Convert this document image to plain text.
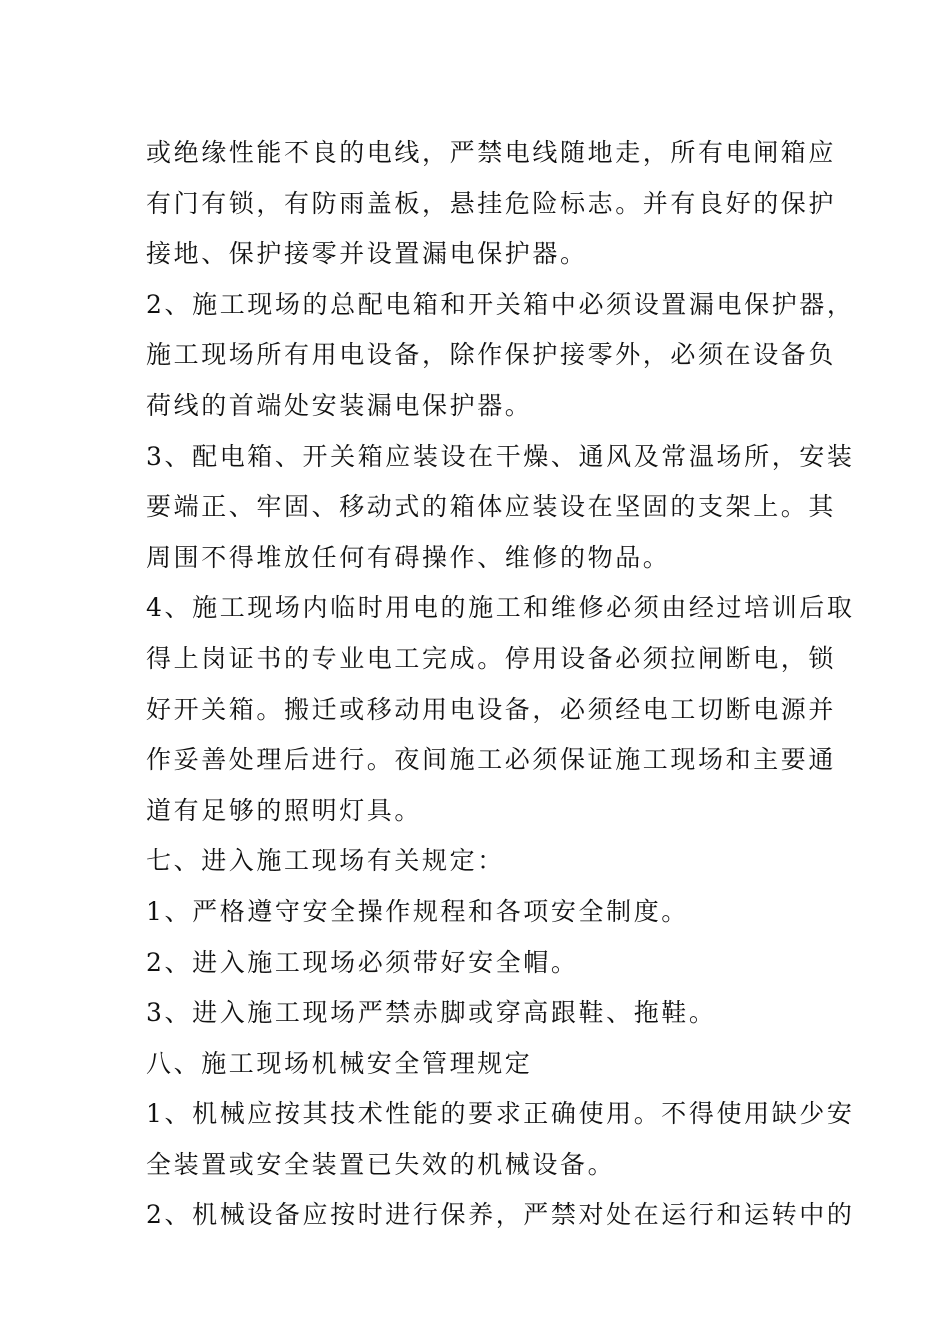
或绝缘性能不良的电线，严禁电线随地走，所有电闸箱应
有门有锁，有防雨盖板，悬挂危险标志。并有良好的保护
接地、保护接零并设置漏电保护器。
2、施工现场的总配电箱和开关箱中必须设置漏电保护器，
施工现场所有用电设备，除作保护接零外，必须在设备负
荷线的首端处安装漏电保护器。
3、配电箱、开关箱应装设在干燥、通风及常温场所，安装
要端正、牢固、移动式的箱体应装设在坚固的支架上。其
周围不得堆放任何有碍操作、维修的物品。
4、施工现场内临时用电的施工和维修必须由经过培训后取
得上岗证书的专业电工完成。停用设备必须拉闸断电，锁
好开关箱。搬迁或移动用电设备，必须经电工切断电源并
作妥善处理后进行。夜间施工必须保证施工现场和主要通
道有足够的照明灯具。
七、进入施工现场有关规定：
1、严格遵守安全操作规程和各项安全制度。
2、进入施工现场必须带好安全帽。
3、进入施工现场严禁赤脚或穿高跟鞋、拖鞋。
八、施工现场机械安全管理规定
1、机械应按其技术性能的要求正确使用。不得使用缺少安
全装置或安全装置已失效的机械设备。
2、机械设备应按时进行保养，严禁对处在运行和运转中的
